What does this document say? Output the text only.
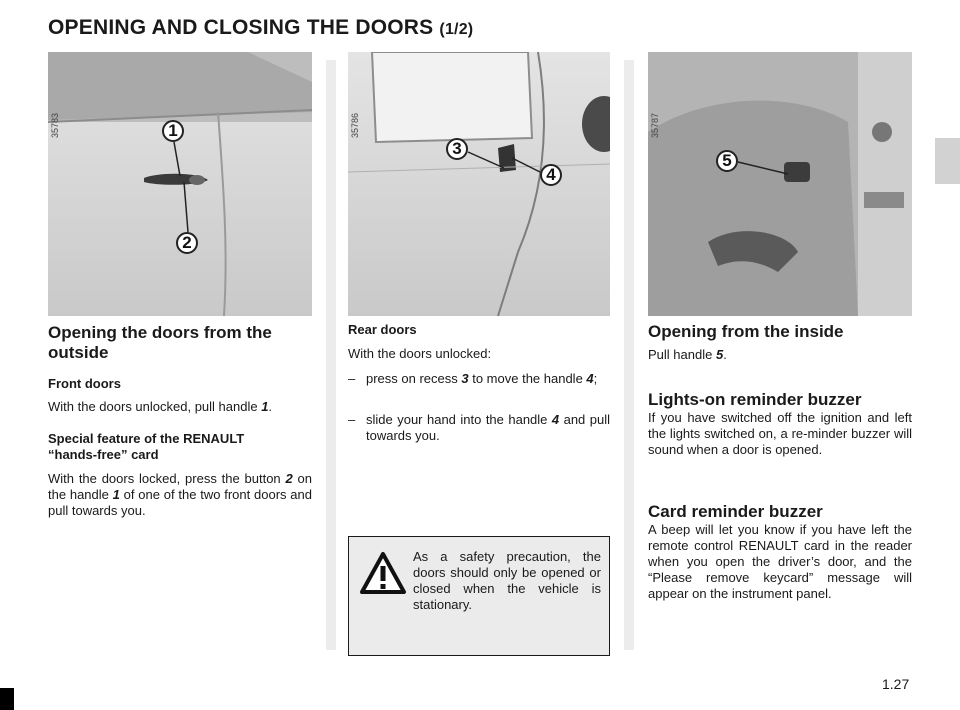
OPENING AND CLOSING THE DOORS (1/2)
35783	1
2
35786
3
4
35787
5
Opening the doors from the outside
Front doors
With the doors unlocked, pull handle 1.
Special feature of the RENAULT “hands-free” card
With the doors locked, press the button 2 on the handle 1 of one of the two front doors and pull towards you.
Rear doors
With the doors unlocked:
– press on recess 3 to move the handle 4;
– slide your hand into the handle 4 and pull towards you.
As a safety precaution, the doors should only be opened or closed when the vehicle is stationary.
Opening from the inside
Pull handle 5.
Lights-on reminder buzzer
If you have switched off the ignition and left the lights switched on, a re-minder buzzer will sound when a door is opened.
Card reminder buzzer
A beep will let you know if you have left the remote control RENAULT card in the reader when you open the driver’s door, and the “Please remove keycard” message will appear on the instrument panel.
1.27
